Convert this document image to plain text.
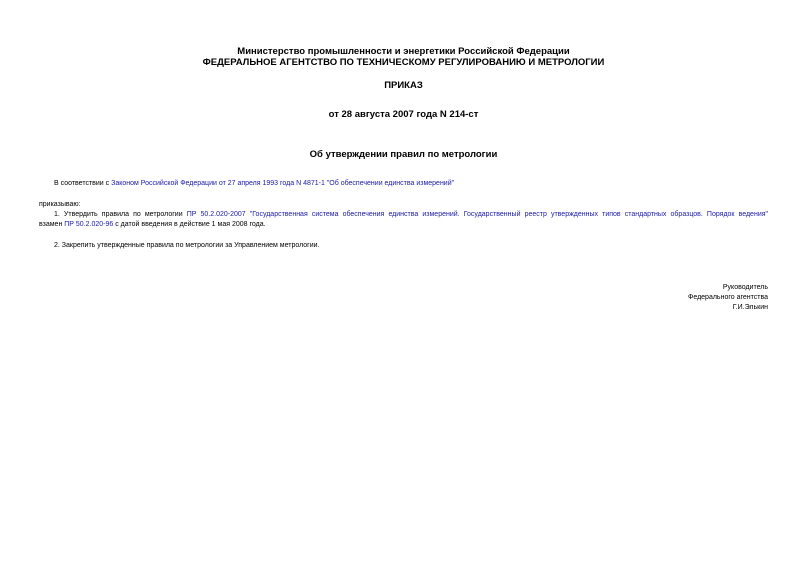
Министерство промышленности и энергетики Российской Федерации
ФЕДЕРАЛЬНОЕ АГЕНТСТВО ПО ТЕХНИЧЕСКОМУ РЕГУЛИРОВАНИЮ И МЕТРОЛОГИИ
ПРИКАЗ
от 28 августа 2007 года N 214-ст
Об утверждении правил по метрологии
В соответствии с Законом Российской Федерации от 27 апреля 1993 года N 4871-1 "Об обеспечении единства измерений"
приказываю:
1. Утвердить правила по метрологии ПР 50.2.020-2007 "Государственная система обеспечения единства измерений. Государственный реестр утвержденных типов стандартных образцов. Порядок ведения"
взамен ПР 50.2.020-96 с датой введения в действие 1 мая 2008 года.
2. Закрепить утвержденные правила по метрологии за Управлением метрологии.
Руководитель
Федерального агентства
Г.И.Элькин
